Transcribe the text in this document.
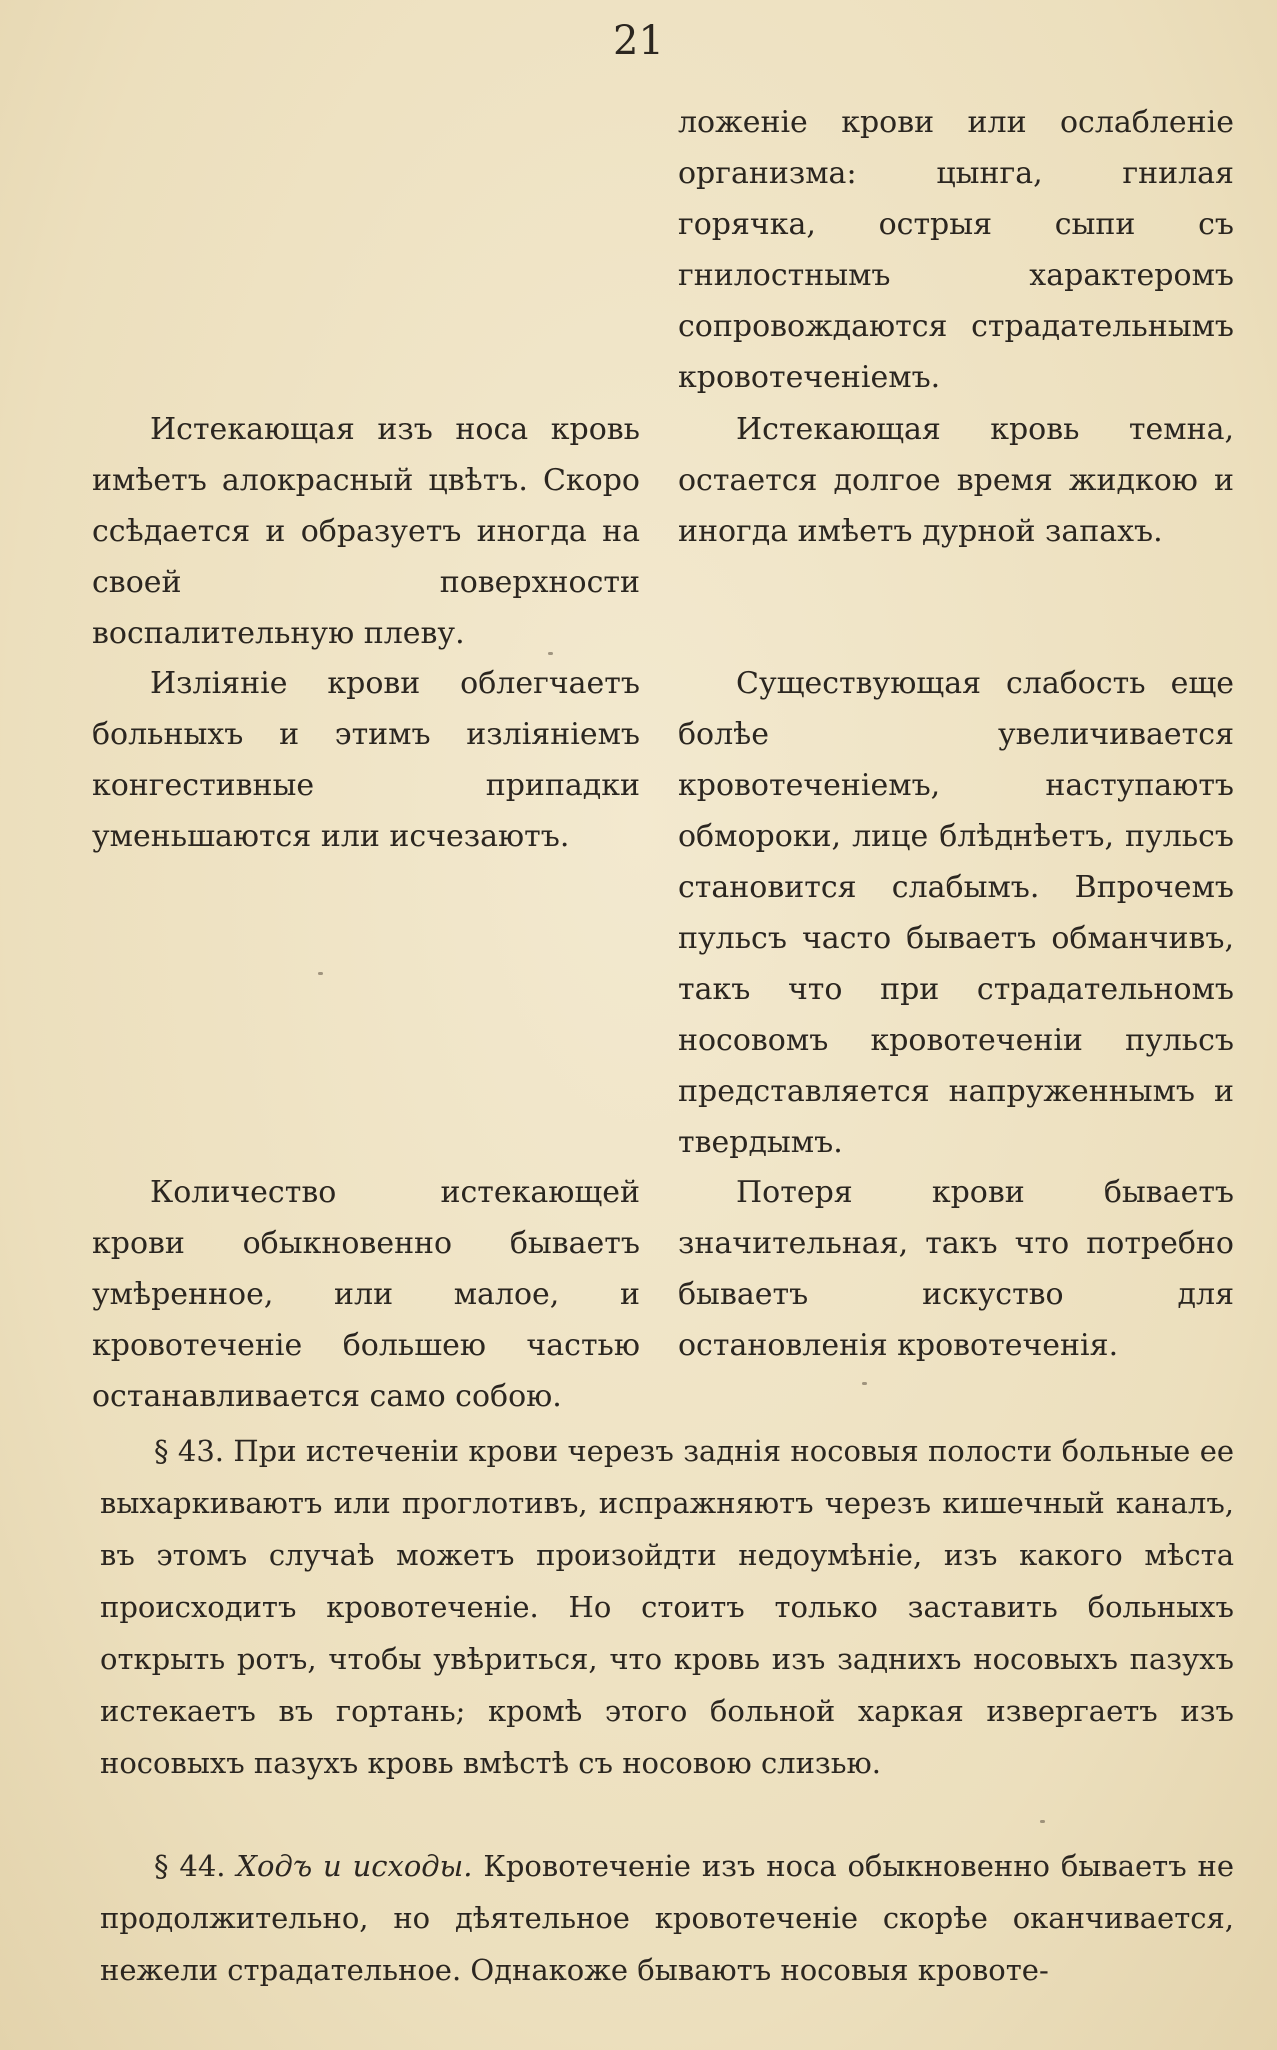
21

ложеніе крови или ослабленіе организма: цынга, гнилая горячка, острыя сыпи съ гнилостнымъ характеромъ сопровождаются страдательнымъ кровотеченіемъ.

Истекающая кровь темна, остается долгое время жидкою и иногда имѣетъ дурной запахъ.

Существующая слабость еще болѣе увеличивается кровотеченіемъ, наступаютъ обмороки, лице блѣднѣетъ, пульсъ становится слабымъ. Впрочемъ пульсъ часто бываетъ обманчивъ, такъ что при страдательномъ носовомъ кровотеченіи пульсъ представляется напруженнымъ и твердымъ.

Потеря крови бываетъ значительная, такъ что потребно бываетъ искуство для остановленія кровотеченія.

Истекающая изъ носа кровь имѣетъ алокрасный цвѣтъ. Скоро ссѣдается и образуетъ иногда на своей поверхности воспалительную плеву.

Изліяніе крови облегчаетъ больныхъ и этимъ изліяніемъ конгестивные припадки уменьшаются или исчезаютъ.

Количество истекающей крови обыкновенно бываетъ умѣренное, или малое, и кровотеченіе большею частью останавливается само собою.

§ 43. При истеченіи крови черезъ заднія носовыя полости больные ее выхаркиваютъ или проглотивъ, испражняютъ черезъ кишечный каналъ, въ этомъ случаѣ можетъ произойдти недоумѣніе, изъ какого мѣста происходитъ кровотеченіе. Но стоитъ только заставить больныхъ открыть ротъ, чтобы увѣриться, что кровь изъ заднихъ носовыхъ пазухъ истекаетъ въ гортань; кромѣ этого больной харкая извергаетъ изъ носовыхъ пазухъ кровь вмѣстѣ съ носовою слизью.

§ 44. Ходъ и исходы. Кровотеченіе изъ носа обыкновенно бываетъ не продолжительно, но дѣятельное кровотеченіе скорѣе оканчивается, нежели страдательное. Однакоже бываютъ носовыя кровоте-
